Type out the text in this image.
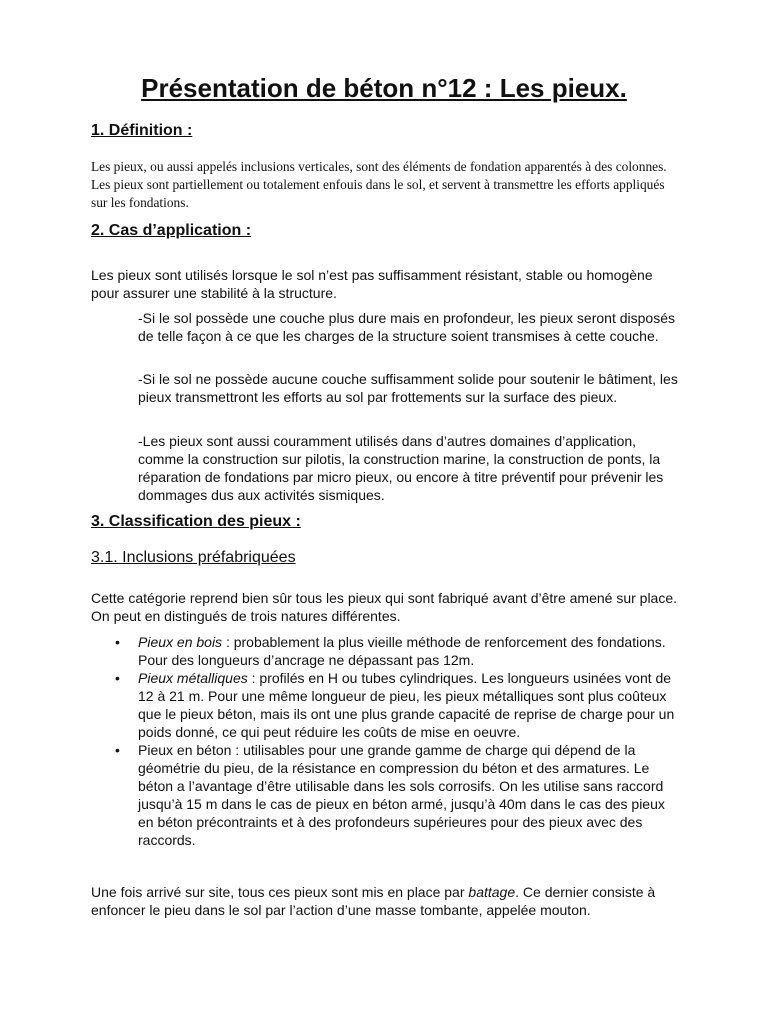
Présentation de béton n°12 : Les pieux.
1. Définition :

Les pieux, ou aussi appelés inclusions verticales, sont des éléments de fondation apparentés à des colonnes. Les pieux sont partiellement ou totalement enfouis dans le sol, et servent à transmettre les efforts appliqués sur les fondations.

2. Cas d’application :

Les pieux sont utilisés lorsque le sol n’est pas suffisamment résistant, stable ou homogène pour assurer une stabilité à la structure.

-Si le sol possède une couche plus dure mais en profondeur, les pieux seront disposés de telle façon à ce que les charges de la structure soient transmises à cette couche.

-Si le sol ne possède aucune couche suffisamment solide pour soutenir le bâtiment, les pieux transmettront les efforts au sol par frottements sur la surface des pieux.

-Les pieux sont aussi couramment utilisés dans d’autres domaines d’application, comme la construction sur pilotis, la construction marine, la construction de ponts, la réparation de fondations par micro pieux, ou encore à titre préventif pour prévenir les dommages dus aux activités sismiques.

3. Classification des pieux :
3.1. Inclusions préfabriquées

Cette catégorie reprend bien sûr tous les pieux qui sont fabriqué avant d’être amené sur place. On peut en distingués de trois natures différentes.

• Pieux en bois : probablement la plus vieille méthode de renforcement des fondations. Pour des longueurs d’ancrage ne dépassant pas 12m.
• Pieux métalliques : profilés en H ou tubes cylindriques. Les longueurs usinées vont de 12 à 21 m. Pour une même longueur de pieu, les pieux métalliques sont plus coûteux que le pieux béton, mais ils ont une plus grande capacité de reprise de charge pour un poids donné, ce qui peut réduire les coûts de mise en oeuvre.
• Pieux en béton : utilisables pour une grande gamme de charge qui dépend de la géométrie du pieu, de la résistance en compression du béton et des armatures. Le béton a l’avantage d’être utilisable dans les sols corrosifs. On les utilise sans raccord jusqu’à 15 m dans le cas de pieux en béton armé, jusqu’à 40m dans le cas des pieux en béton précontraints et à des profondeurs supérieures pour des pieux avec des raccords.

Une fois arrivé sur site, tous ces pieux sont mis en place par battage. Ce dernier consiste à enfoncer le pieu dans le sol par l’action d’une masse tombante, appelée mouton.
